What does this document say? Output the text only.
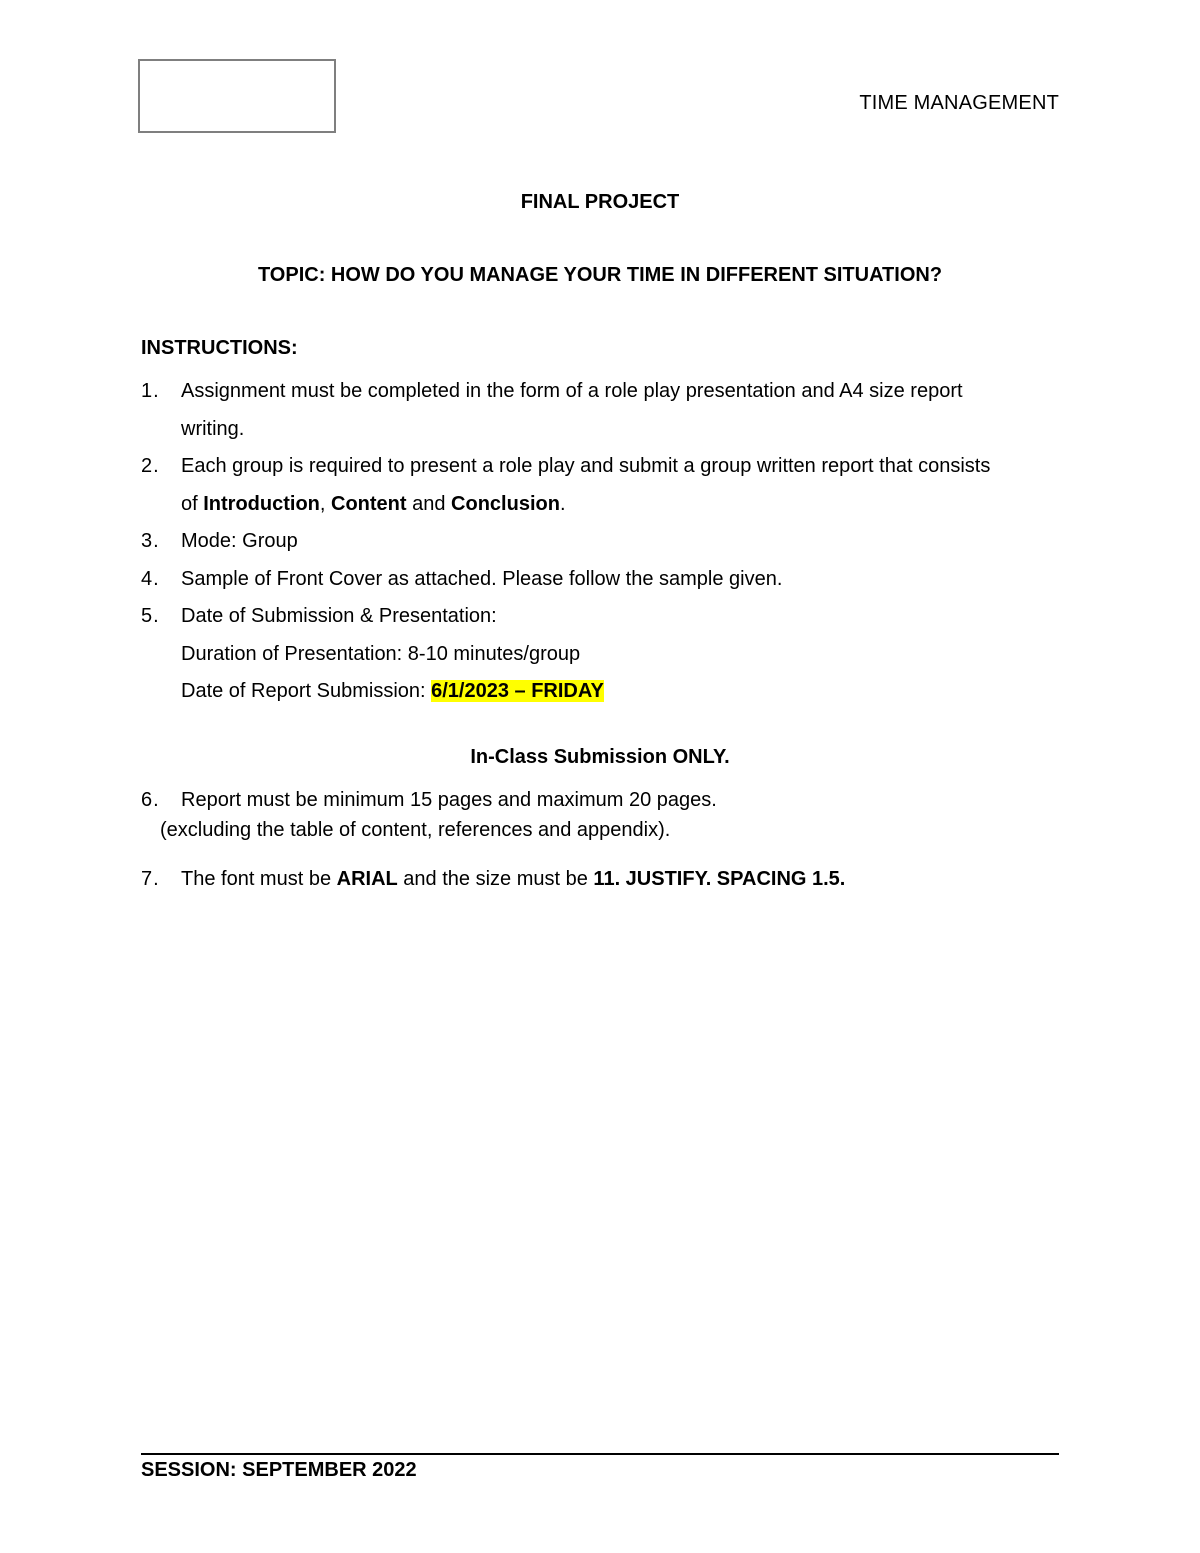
TIME MANAGEMENT
FINAL PROJECT
TOPIC: HOW DO YOU MANAGE YOUR TIME IN DIFFERENT SITUATION?
INSTRUCTIONS:
1.	Assignment must be completed in the form of a role play presentation and A4 size report
writing.
2.	Each group is required to present a role play and submit a group written report that consists
of Introduction, Content and Conclusion.
3.	Mode: Group
4.	Sample of Front Cover as attached. Please follow the sample given.
5.	Date of Submission & Presentation:
Duration of Presentation: 8-10 minutes/group
Date of Report Submission: 6/1/2023 – FRIDAY
In-Class Submission ONLY.
6.	Report must be minimum 15 pages and maximum 20 pages.
(excluding the table of content, references and appendix).
7.	The font must be ARIAL and the size must be 11. JUSTIFY. SPACING 1.5.
SESSION: SEPTEMBER 2022
